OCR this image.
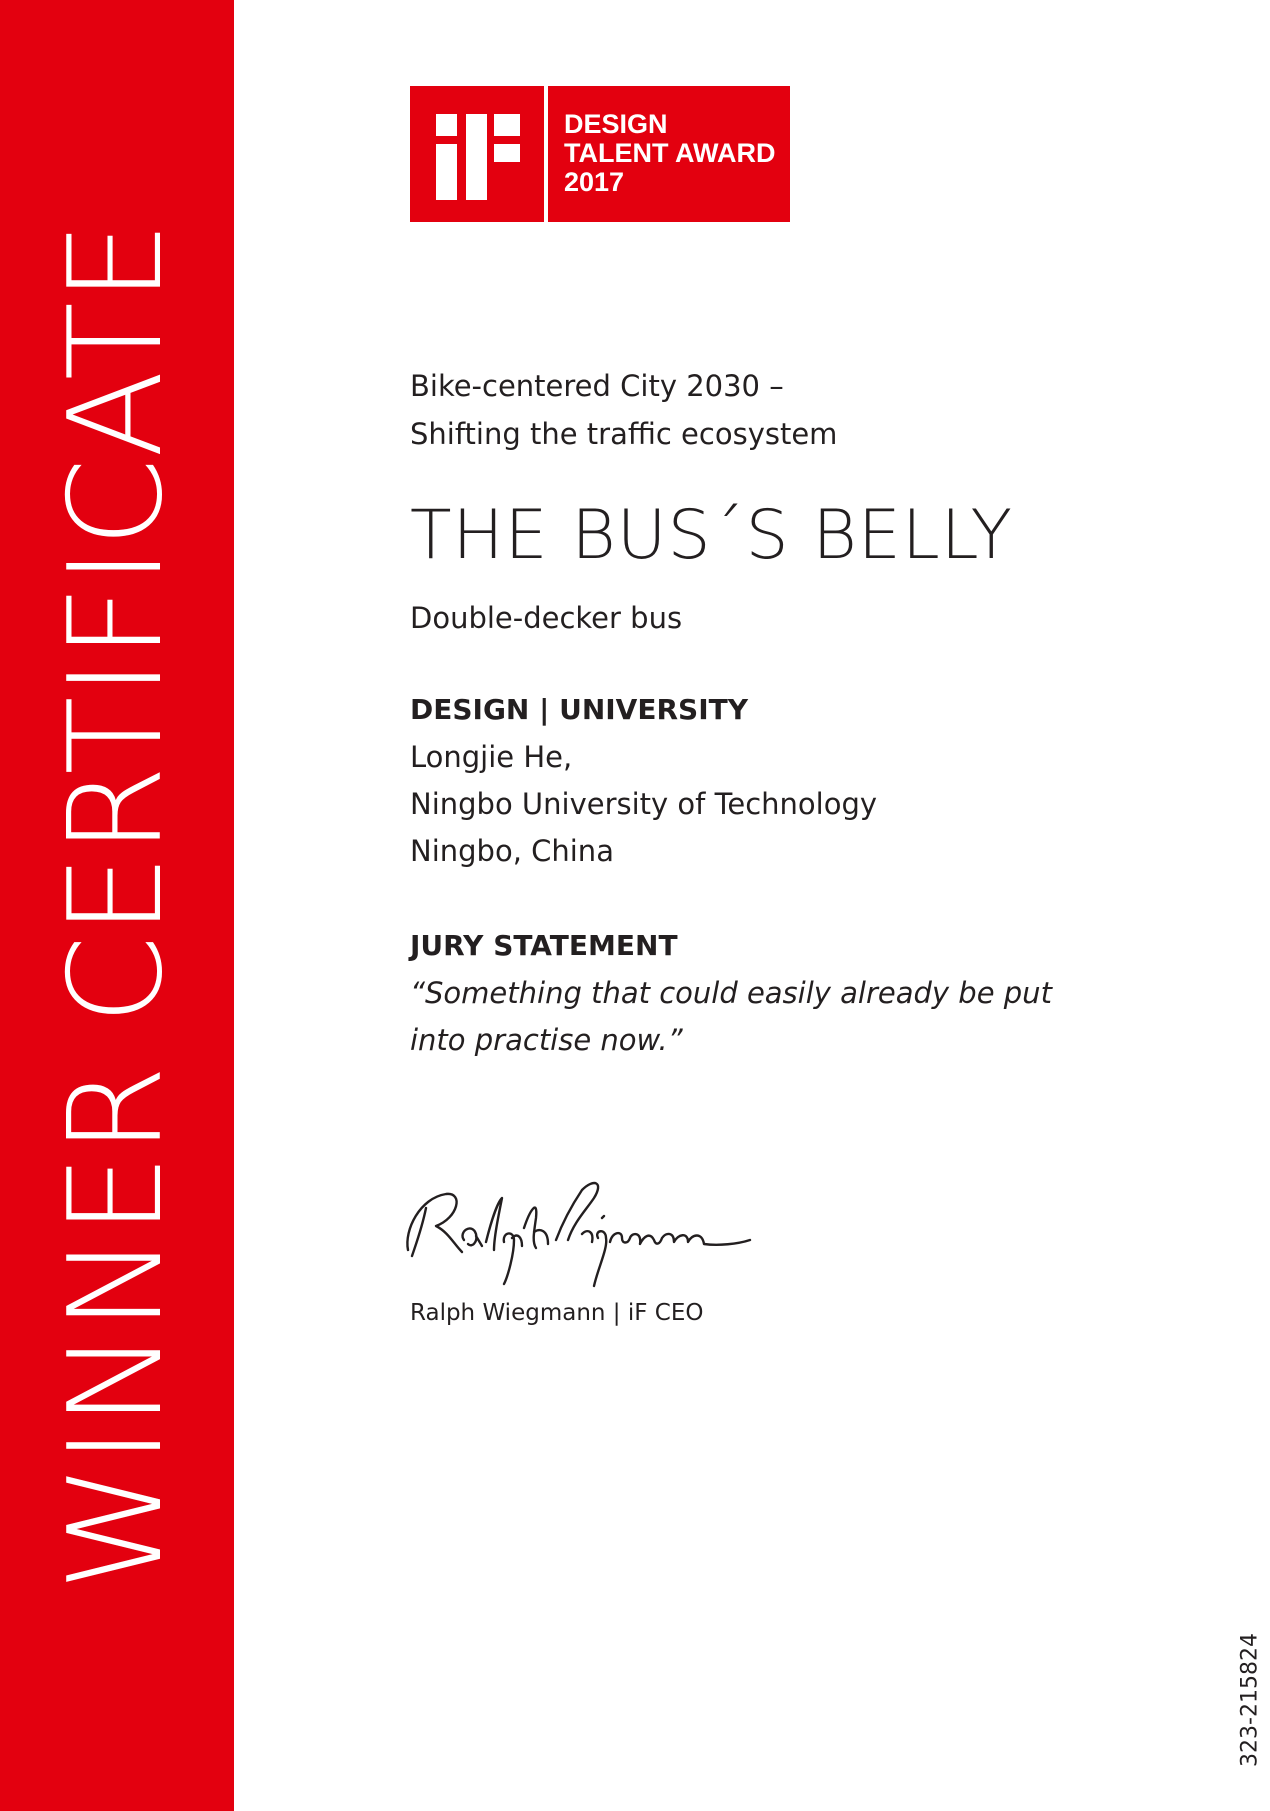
WINNER CERTIFICATE
DESIGN
TALENT AWARD
2017
Bike-centered City 2030 –
Shifting the traffic ecosystem
THE BUS´S BELLY
Double-decker bus
DESIGN | UNIVERSITY
Longjie He,
Ningbo University of Technology
Ningbo, China
JURY STATEMENT
“Something that could easily already be put
into practise now.”
Ralph Wiegmann | iF CEO
323-215824
